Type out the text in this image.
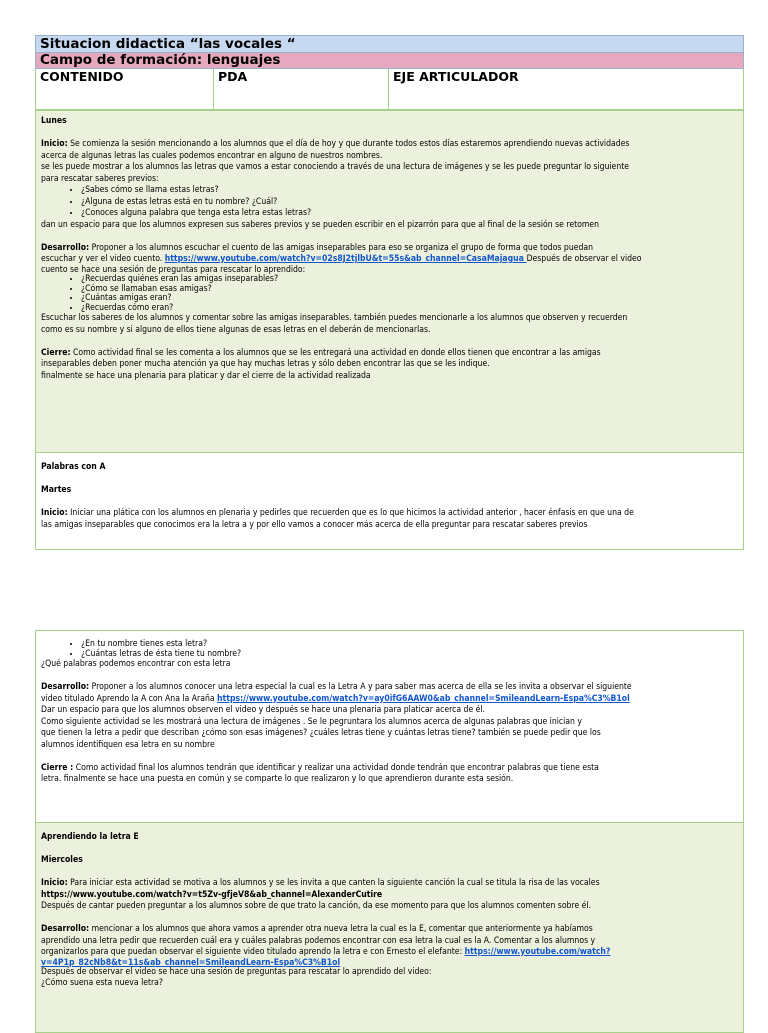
Situacion didactica “las vocales “
Campo de formación: lenguajes
CONTENIDO	PDA	EJE ARTICULADOR

Lunes

Inicio: Se comienza la sesión mencionando a los alumnos que el día de hoy y que durante todos estos días estaremos aprendiendo nuevas actividades

acerca de algunas letras las cuales podemos encontrar en alguno de nuestros nombres.

se les puede mostrar a los alumnos las letras que vamos a estar conociendo a través de una lectura de imágenes y se les puede preguntar lo siguiente

para rescatar saberes previos:

• ¿Sabes cómo se llama estas letras?
• ¿Alguna de estas letras está en tu nombre? ¿Cuál?
• ¿Conoces alguna palabra que tenga esta letra estas letras?

dan un espacio para que los alumnos expresen sus saberes previos y se pueden escribir en el pizarrón para que al final de la sesión se retomen

Desarrollo: Proponer a los alumnos escuchar el cuento de las amigas inseparables para eso se organiza el grupo de forma que todos puedan

escuchar y ver el video cuento. https://www.youtube.com/watch?v=02s8J2tjlbU&t=55s&ab_channel=CasaMajagua Después de observar el video

cuento se hace una sesión de preguntas para rescatar lo aprendido:

• ¿Recuerdas quiénes eran las amigas inseparables?
• ¿Cómo se llamaban esas amigas?
• ¿Cuántas amigas eran?
• ¿Recuerdas cómo eran?

Escuchar los saberes de los alumnos y comentar sobre las amigas inseparables. también puedes mencionarle a los alumnos que observen y recuerden

como es su nombre y si alguno de ellos tiene algunas de esas letras en el deberán de mencionarlas.

Cierre: Como actividad final se les comenta a los alumnos que se les entregará una actividad en donde ellos tienen que encontrar a las amigas

inseparables deben poner mucha atención ya que hay muchas letras y sólo deben encontrar las que se les indique.

finalmente se hace una plenaria para platicar y dar el cierre de la actividad realizada

Palabras con A

Martes

Inicio: Iniciar una plática con los alumnos en plenaria y pedirles que recuerden que es lo que hicimos la actividad anterior , hacer énfasis en que una de

las amigas inseparables que conocimos era la letra a y por ello vamos a conocer más acerca de ella preguntar para rescatar saberes previos

• ¿En tu nombre tienes esta letra?
• ¿Cuántas letras de ésta tiene tu nombre?

¿Qué palabras podemos encontrar con esta letra

Desarrollo: Proponer a los alumnos conocer una letra especial la cual es la Letra A y para saber mas acerca de ella se les invita a observar el siguiente

video titulado Aprendo la A con Ana la Araña https://www.youtube.com/watch?v=ay0ifG6AAW0&ab_channel=SmileandLearn-Espa%C3%B1ol

Dar un espacio para que los alumnos observen el video y después se hace una plenaria para platicar acerca de él.

Como siguiente actividad se les mostrará una lectura de imágenes . Se le pegruntara los alumnos acerca de algunas palabras que inician y

que tienen la letra a pedir que describan ¿cómo son esas imágenes? ¿cuáles letras tiene y cuántas letras tiene? también se puede pedir que los

alumnos identifiquen esa letra en su nombre

Cierre : Como actividad final los alumnos tendrán que identificar y realizar una actividad donde tendrán que encontrar palabras que tiene esta

letra. finalmente se hace una puesta en común y se comparte lo que realizaron y lo que aprendieron durante esta sesión.

Aprendiendo la letra E

Miercoles

Inicio: Para iniciar esta actividad se motiva a los alumnos y se les invita a que canten la siguiente canción la cual se titula la risa de las vocales

https://www.youtube.com/watch?v=t5Zv-gfjeV8&ab_channel=AlexanderCutire

Después de cantar pueden preguntar a los alumnos sobre de que trato la canción, da ese momento para que los alumnos comenten sobre él.

Desarrollo: mencionar a los alumnos que ahora vamos a aprender otra nueva letra la cual es la E, comentar que anteriormente ya habíamos

aprendido una letra pedir que recuerden cuál era y cuáles palabras podemos encontrar con esa letra la cual es la A. Comentar a los alumnos y

organizarlos para que puedan observar el siguiente video titulado aprendo la letra e con Ernesto el elefante: https://www.youtube.com/watch?

v=4P1p_82cNb8&t=11s&ab_channel=SmileandLearn-Espa%C3%B1ol

Después de observar el video se hace una sesión de preguntas para rescatar lo aprendido del video:

¿Cómo suena esta nueva letra?
